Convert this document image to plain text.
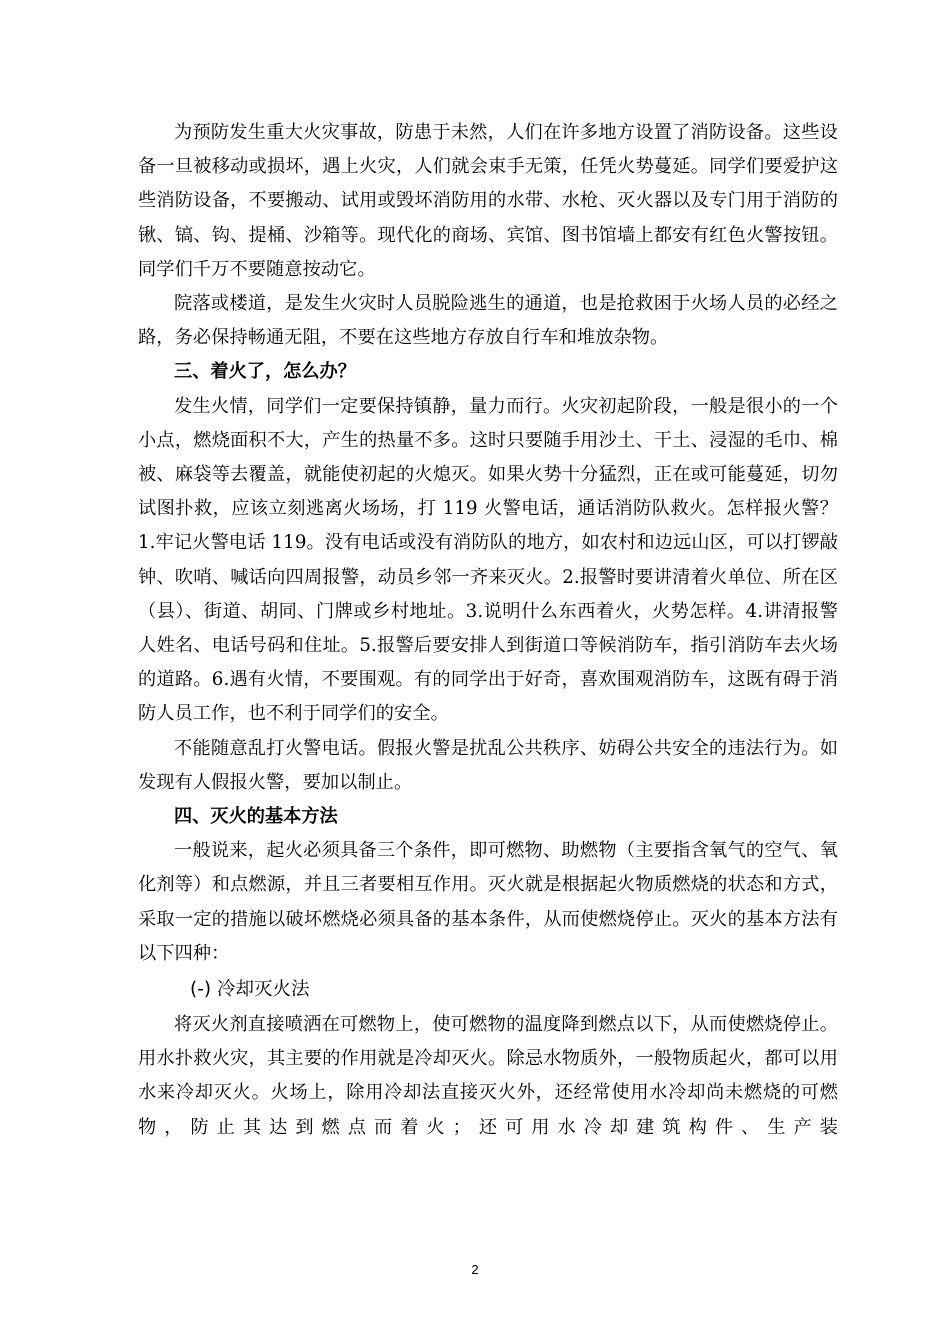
为预防发生重大火灾事故，防患于未然，人们在许多地方设置了消防设备。这些设备一旦被移动或损坏，遇上火灾，人们就会束手无策，任凭火势蔓延。同学们要爱护这些消防设备，不要搬动、试用或毁坏消防用的水带、水枪、灭火器以及专门用于消防的锹、镐、钩、提桶、沙箱等。现代化的商场、宾馆、图书馆墙上都安有红色火警按钮。同学们千万不要随意按动它。

院落或楼道，是发生火灾时人员脱险逃生的通道，也是抢救困于火场人员的必经之路，务必保持畅通无阻，不要在这些地方存放自行车和堆放杂物。

三、着火了，怎么办？

发生火情，同学们一定要保持镇静，量力而行。火灾初起阶段，一般是很小的一个小点，燃烧面积不大，产生的热量不多。这时只要随手用沙土、干土、浸湿的毛巾、棉被、麻袋等去覆盖，就能使初起的火熄灭。如果火势十分猛烈，正在或可能蔓延，切勿试图扑救，应该立刻逃离火场场，打 119 火警电话，通话消防队救火。怎样报火警？1.牢记火警电话 119。没有电话或没有消防队的地方，如农村和边远山区，可以打锣敲钟、吹哨、喊话向四周报警，动员乡邻一齐来灭火。2.报警时要讲清着火单位、所在区（县）、街道、胡同、门牌或乡村地址。3.说明什么东西着火，火势怎样。4.讲清报警人姓名、电话号码和住址。5.报警后要安排人到街道口等候消防车，指引消防车去火场的道路。6.遇有火情，不要围观。有的同学出于好奇，喜欢围观消防车，这既有碍于消防人员工作，也不利于同学们的安全。

不能随意乱打火警电话。假报火警是扰乱公共秩序、妨碍公共安全的违法行为。如发现有人假报火警，要加以制止。

四、灭火的基本方法

一般说来，起火必须具备三个条件，即可燃物、助燃物（主要指含氧气的空气、氧化剂等）和点燃源，并且三者要相互作用。灭火就是根据起火物质燃烧的状态和方式，采取一定的措施以破坏燃烧必须具备的基本条件，从而使燃烧停止。灭火的基本方法有以下四种：

(-) 冷却灭火法

将灭火剂直接喷洒在可燃物上，使可燃物的温度降到燃点以下，从而使燃烧停止。用水扑救火灾，其主要的作用就是冷却灭火。除忌水物质外，一般物质起火，都可以用水来冷却灭火。火场上，除用冷却法直接灭火外，还经常使用水冷却尚未燃烧的可燃物，防止其达到燃点而着火；还可用水冷却建筑构件、生产装

2
